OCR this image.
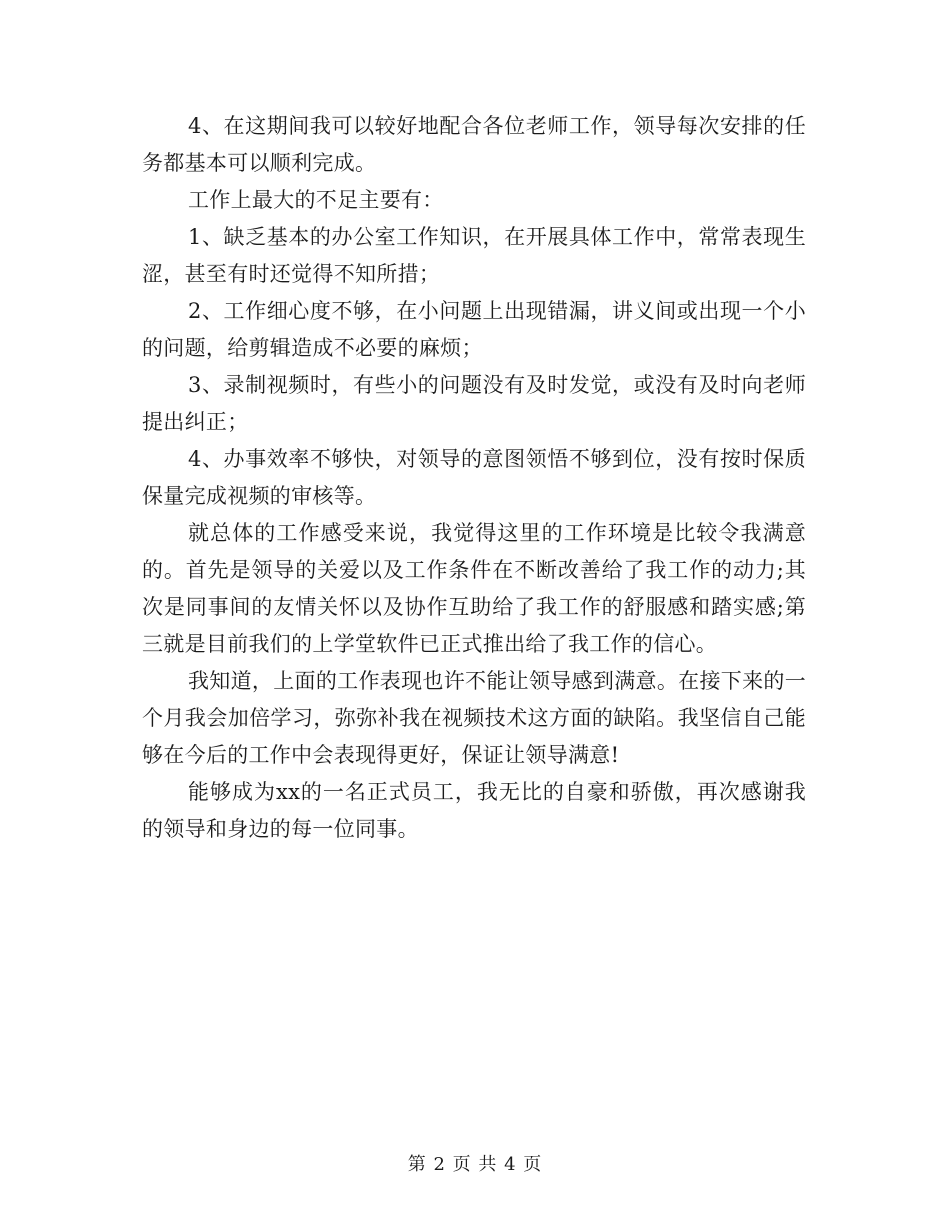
4、在这期间我可以较好地配合各位老师工作，领导每次安排的任务都基本可以顺利完成。

工作上最大的不足主要有：

1、缺乏基本的办公室工作知识，在开展具体工作中，常常表现生涩，甚至有时还觉得不知所措；

2、工作细心度不够，在小问题上出现错漏，讲义间或出现一个小的问题，给剪辑造成不必要的麻烦；

3、录制视频时，有些小的问题没有及时发觉，或没有及时向老师提出纠正；

4、办事效率不够快，对领导的意图领悟不够到位，没有按时保质保量完成视频的审核等。

就总体的工作感受来说，我觉得这里的工作环境是比较令我满意的。首先是领导的关爱以及工作条件在不断改善给了我工作的动力;其次是同事间的友情关怀以及协作互助给了我工作的舒服感和踏实感;第三就是目前我们的上学堂软件已正式推出给了我工作的信心。

我知道，上面的工作表现也许不能让领导感到满意。在接下来的一个月我会加倍学习，弥弥补我在视频技术这方面的缺陷。我坚信自己能够在今后的工作中会表现得更好，保证让领导满意!

能够成为xx的一名正式员工，我无比的自豪和骄傲，再次感谢我的领导和身边的每一位同事。

第 2 页 共 4 页
